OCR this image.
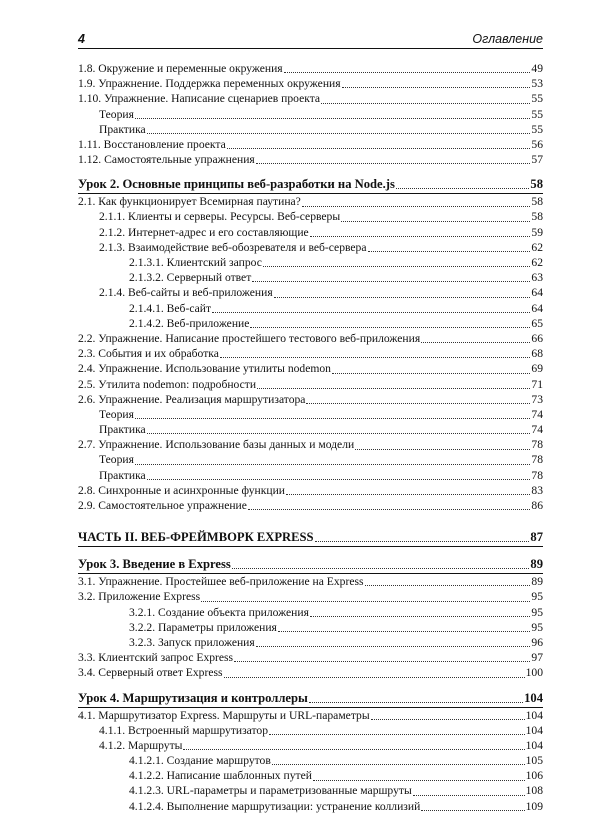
4	Оглавление
1.8. Окружение и переменные окружения	49
1.9. Упражнение. Поддержка переменных окружения	53
1.10. Упражнение. Написание сценариев проекта	55
Теория	55
Практика	55
1.11. Восстановление проекта	56
1.12. Самостоятельные упражнения	57
Урок 2. Основные принципы веб-разработки на Node.js	58
2.1. Как функционирует Всемирная паутина?	58
2.1.1. Клиенты и серверы. Ресурсы. Веб-серверы	58
2.1.2. Интернет-адрес и его составляющие	59
2.1.3. Взаимодействие веб-обозревателя и веб-сервера	62
2.1.3.1. Клиентский запрос	62
2.1.3.2. Серверный ответ	63
2.1.4. Веб-сайты и веб-приложения	64
2.1.4.1. Веб-сайт	64
2.1.4.2. Веб-приложение	65
2.2. Упражнение. Написание простейшего тестового веб-приложения	66
2.3. События и их обработка	68
2.4. Упражнение. Использование утилиты nodemon	69
2.5. Утилита nodemon: подробности	71
2.6. Упражнение. Реализация маршрутизатора	73
Теория	74
Практика	74
2.7. Упражнение. Использование базы данных и модели	78
Теория	78
Практика	78
2.8. Синхронные и асинхронные функции	83
2.9. Самостоятельное упражнение	86
ЧАСТЬ II. ВЕБ-ФРЕЙМВОРК EXPRESS	87
Урок 3. Введение в Express	89
3.1. Упражнение. Простейшее веб-приложение на Express	89
3.2. Приложение Express	95
3.2.1. Создание объекта приложения	95
3.2.2. Параметры приложения	95
3.2.3. Запуск приложения	96
3.3. Клиентский запрос Express	97
3.4. Серверный ответ Express	100
Урок 4. Маршрутизация и контроллеры	104
4.1. Маршрутизатор Express. Маршруты и URL-параметры	104
4.1.1. Встроенный маршрутизатор	104
4.1.2. Маршруты	104
4.1.2.1. Создание маршрутов	105
4.1.2.2. Написание шаблонных путей	106
4.1.2.3. URL-параметры и параметризованные маршруты	108
4.1.2.4. Выполнение маршрутизации: устранение коллизий	109
